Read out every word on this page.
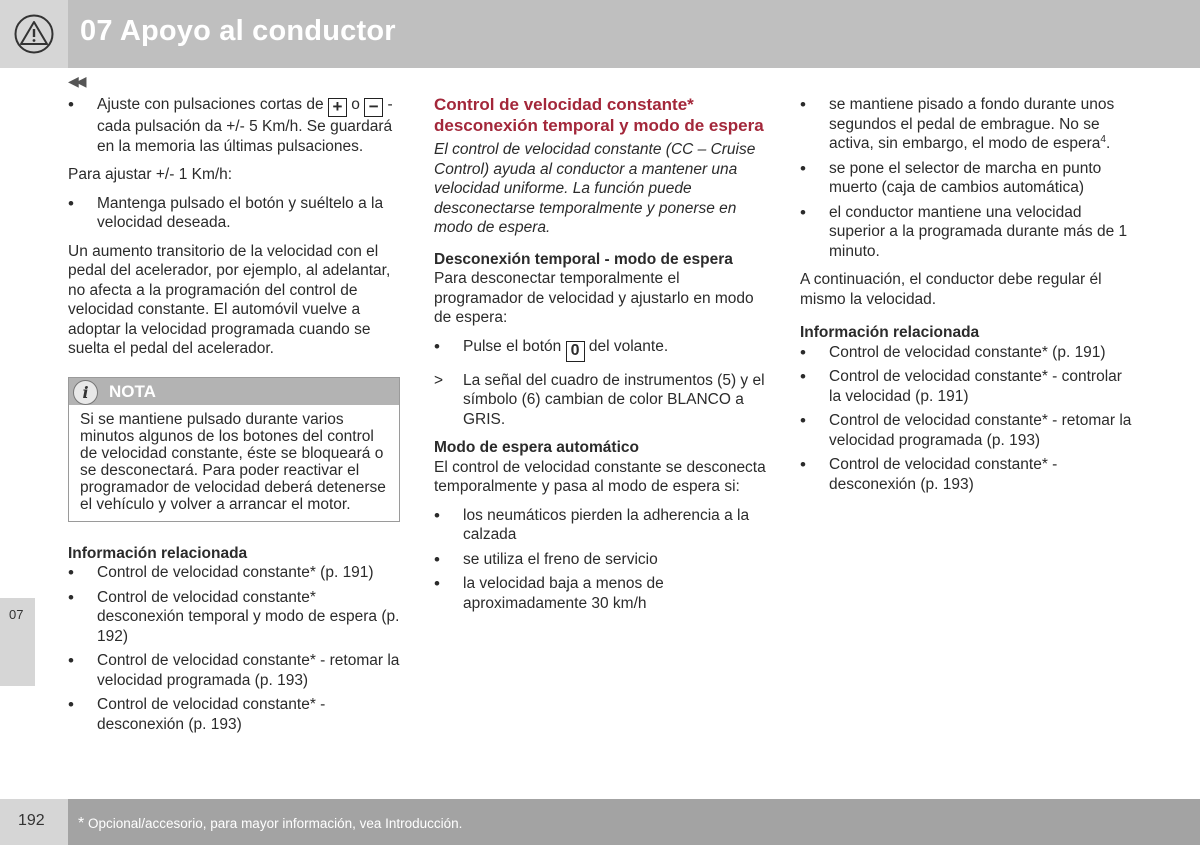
07 Apoyo al conductor
◀◀
• Ajuste con pulsaciones cortas de + o − - cada pulsación da +/- 5 Km/h. Se guardará en la memoria las últimas pulsaciones.

Para ajustar +/- 1 Km/h:

• Mantenga pulsado el botón y suéltelo a la velocidad deseada.

Un aumento transitorio de la velocidad con el pedal del acelerador, por ejemplo, al adelantar, no afecta a la programación del control de velocidad constante. El automóvil vuelve a adoptar la velocidad programada cuando se suelta el pedal del acelerador.

i	NOTA
Si se mantiene pulsado durante varios minutos algunos de los botones del control de velocidad constante, éste se bloqueará o se desconectará. Para poder reactivar el programador de velocidad deberá detenerse el vehículo y volver a arrancar el motor.
Información relacionada
• Control de velocidad constante* (p. 191)
• Control de velocidad constante* desconexión temporal y modo de espera (p. 192)
• Control de velocidad constante* - retomar la velocidad programada (p. 193)
• Control de velocidad constante* - desconexión (p. 193)
Control de velocidad constante* desconexión temporal y modo de espera

El control de velocidad constante (CC – Cruise Control) ayuda al conductor a mantener una velocidad uniforme. La función puede desconectarse temporalmente y ponerse en modo de espera.

Desconexión temporal - modo de espera

Para desconectar temporalmente el programador de velocidad y ajustarlo en modo de espera:

• Pulse el botón 0 del volante.
> La señal del cuadro de instrumentos (5) y el símbolo (6) cambian de color BLANCO a GRIS.
Modo de espera automático

El control de velocidad constante se desconecta temporalmente y pasa al modo de espera si:

• los neumáticos pierden la adherencia a la calzada
• se utiliza el freno de servicio
• la velocidad baja a menos de aproximadamente 30 km/h
• se mantiene pisado a fondo durante unos segundos el pedal de embrague. No se activa, sin embargo, el modo de espera$^4$.
• se pone el selector de marcha en punto muerto (caja de cambios automática)
• el conductor mantiene una velocidad superior a la programada durante más de 1 minuto.

A continuación, el conductor debe regular él mismo la velocidad.

Información relacionada
• Control de velocidad constante* (p. 191)
• Control de velocidad constante* - controlar la velocidad (p. 191)
• Control de velocidad constante* - retomar la velocidad programada (p. 193)
• Control de velocidad constante* - desconexión (p. 193)
07
192 * Opcional/accesorio, para mayor información, vea Introducción.
